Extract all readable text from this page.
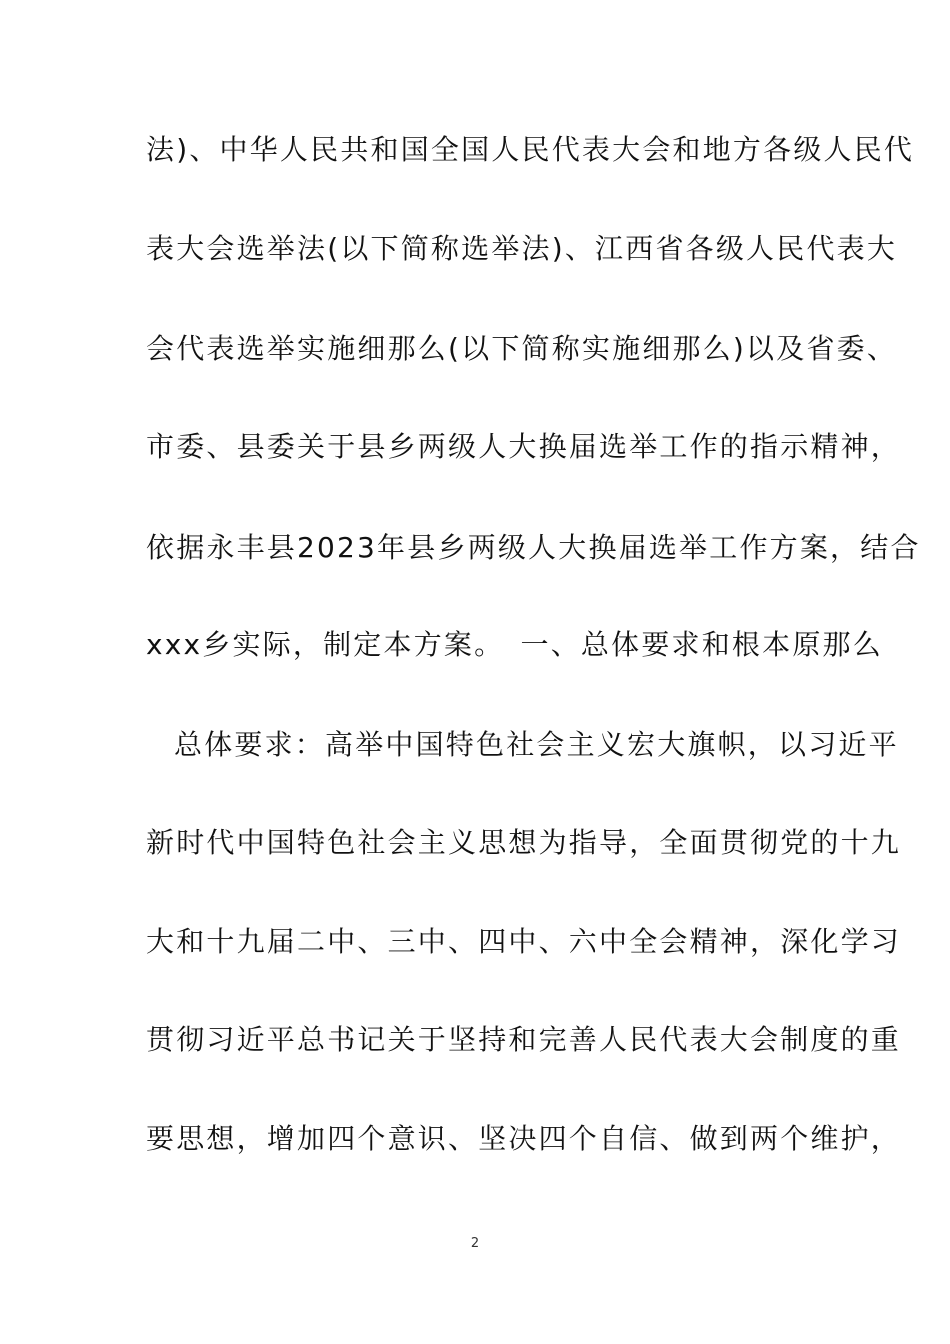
法)、中华人民共和国全国人民代表大会和地方各级人民代
表大会选举法(以下简称选举法)、江西省各级人民代表大
会代表选举实施细那么(以下简称实施细那么)以及省委、
市委、县委关于县乡两级人大换届选举工作的指示精神，
依据永丰县2023年县乡两级人大换届选举工作方案，结合
xxx乡实际，制定本方案。　一、总体要求和根本原那么
总体要求：高举中国特色社会主义宏大旗帜，以习近平
新时代中国特色社会主义思想为指导，全面贯彻党的十九
大和十九届二中、三中、四中、六中全会精神，深化学习
贯彻习近平总书记关于坚持和完善人民代表大会制度的重
要思想，增加四个意识、坚决四个自信、做到两个维护，
2
